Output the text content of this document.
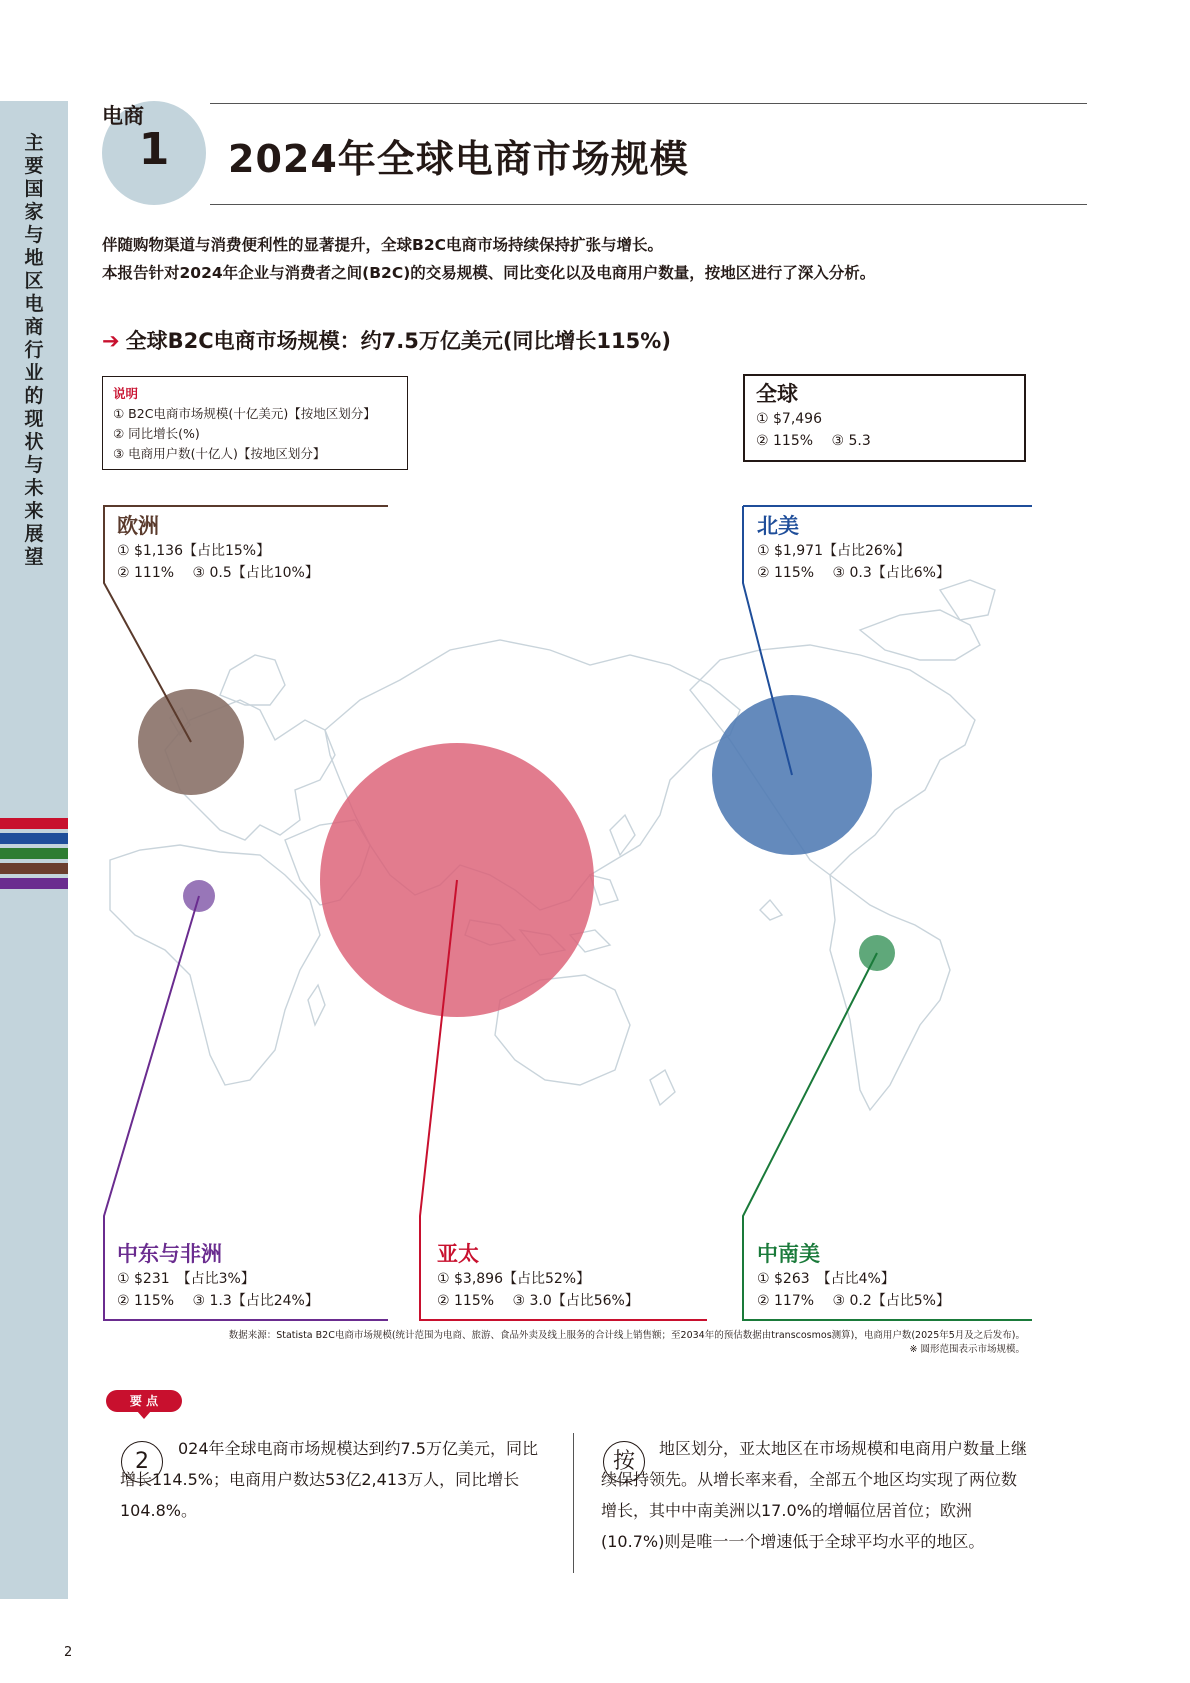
主要国家与地区电商行业的现状与未来展望
电商
1	2024年全球电商市场规模
伴随购物渠道与消费便利性的显著提升，全球B2C电商市场持续保持扩张与增长。
本报告针对2024年企业与消费者之间(B2C)的交易规模、同比变化以及电商用户数量，按地区进行了深入分析。
➔ 全球B2C电商市场规模：约7.5万亿美元(同比增长115%)
说明
① B2C电商市场规模(十亿美元)【按地区划分】
② 同比增长(%)
③ 电商用户数(十亿人)【按地区划分】
全球
① $7,496
② 115%　 ③ 5.3
欧洲
① $1,136【占比15%】
② 111%　 ③ 0.5【占比10%】
北美
① $1,971【占比26%】
② 115%　 ③ 0.3【占比6%】
中东与非洲
① $231　【占比3%】
② 115%　 ③ 1.3【占比24%】
亚太
① $3,896【占比52%】
② 115%　 ③ 3.0【占比56%】
中南美
① $263　【占比4%】
② 117%　 ③ 0.2【占比5%】
数据来源：Statista B2C电商市场规模(统计范围为电商、旅游、食品外卖及线上服务的合计线上销售额；至2034年的预估数据由transcosmos测算)，电商用户数(2025年5月及之后发布)。
※ 圆形范围表示市场规模。
要 点
2
024年全球电商市场规模达到约7.5万亿美元，同比增长114.5%；电商用户数达53亿2,413万人，同比增长104.8%。
按
地区划分，亚太地区在市场规模和电商用户数量上继续保持领先。从增长率来看，全部五个地区均实现了两位数增长，其中中南美洲以17.0%的增幅位居首位；欧洲(10.7%)则是唯一一个增速低于全球平均水平的地区。
2
